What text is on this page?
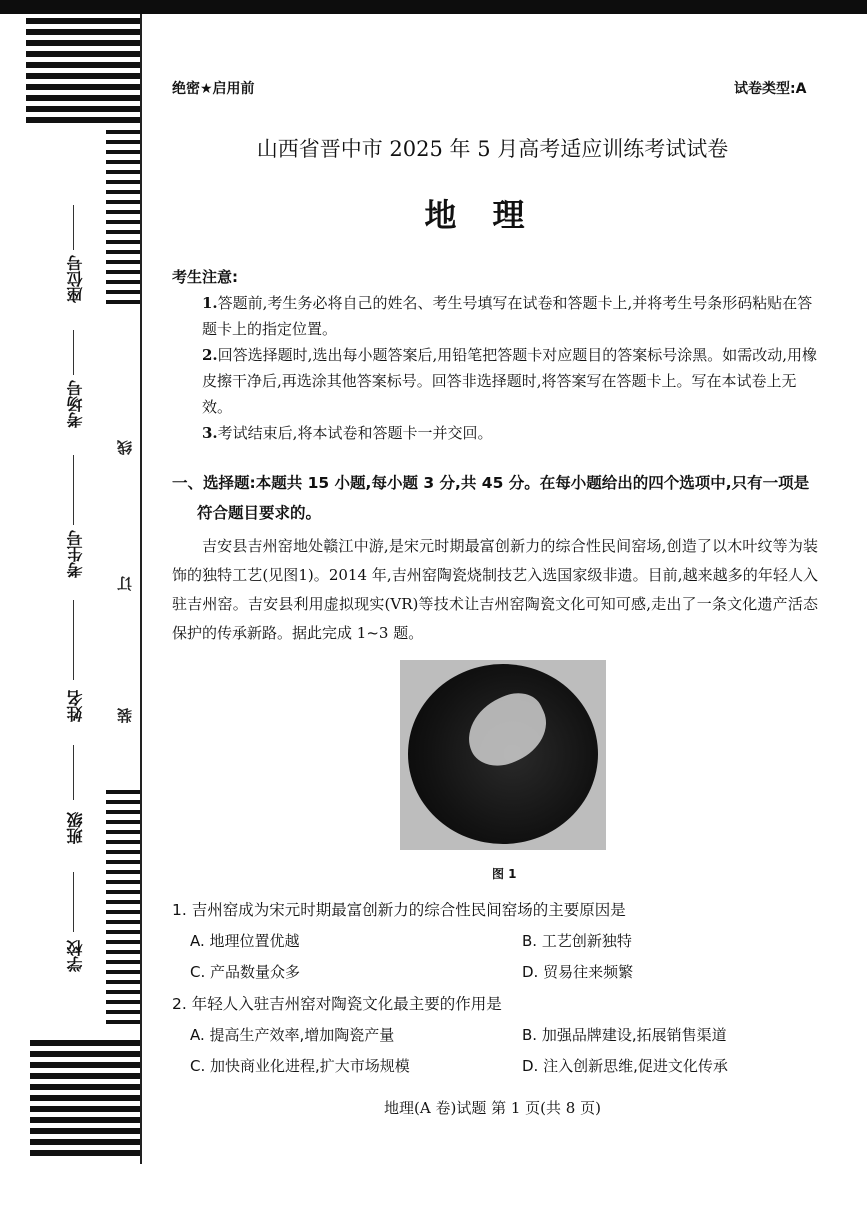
座位号
考场号
考生号
姓名
班级
学校
线
订
装
绝密★启用前	试卷类型:A
山西省晋中市 2025 年 5 月高考适应训练考试试卷
地理
考生注意:
1.答题前,考生务必将自己的姓名、考生号填写在试卷和答题卡上,并将考生号条形码粘贴在答题卡上的指定位置。
2.回答选择题时,选出每小题答案后,用铅笔把答题卡对应题目的答案标号涂黑。如需改动,用橡皮擦干净后,再选涂其他答案标号。回答非选择题时,将答案写在答题卡上。写在本试卷上无效。
3.考试结束后,将本试卷和答题卡一并交回。
一、选择题:本题共 15 小题,每小题 3 分,共 45 分。在每小题给出的四个选项中,只有一项是
符合题目要求的。
吉安县吉州窑地处赣江中游,是宋元时期最富创新力的综合性民间窑场,创造了以木叶纹等为装饰的独特工艺(见图1)。2014 年,吉州窑陶瓷烧制技艺入选国家级非遗。目前,越来越多的年轻人入驻吉州窑。吉安县利用虚拟现实(VR)等技术让吉州窑陶瓷文化可知可感,走出了一条文化遗产活态保护的传承新路。据此完成 1~3 题。
图 1
1. 吉州窑成为宋元时期最富创新力的综合性民间窑场的主要原因是
A. 地理位置优越	B. 工艺创新独特
C. 产品数量众多	D. 贸易往来频繁
2. 年轻人入驻吉州窑对陶瓷文化最主要的作用是
A. 提高生产效率,增加陶瓷产量	B. 加强品牌建设,拓展销售渠道
C. 加快商业化进程,扩大市场规模	D. 注入创新思维,促进文化传承
地理(A 卷)试题 第 1 页(共 8 页)
